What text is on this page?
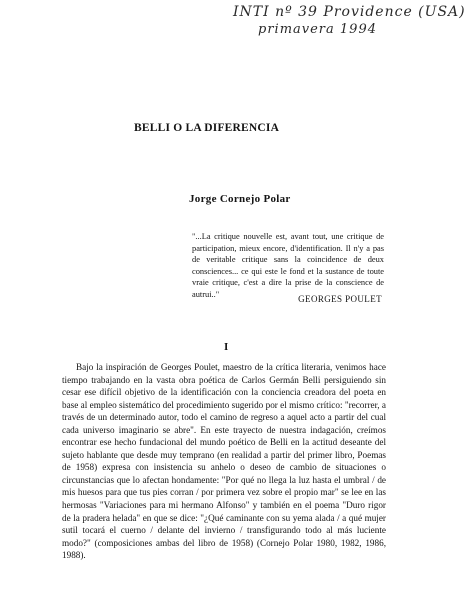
INTI nº 39 Providence (USA)
primavera 1994
BELLI O LA DIFERENCIA
Jorge Cornejo Polar
"...La critique nouvelle est, avant tout, une critique de participation, mieux encore, d'identification. Il n'y a pas de veritable critique sans la coincidence de deux consciences... ce qui este le fond et la sustance de toute vraie critique, c'est a dire la prise de la conscience de autrui.."	GEORGES POULET
I

Bajo la inspiración de Georges Poulet, maestro de la crítica literaria, venimos hace tiempo trabajando en la vasta obra poética de Carlos Germán Belli persiguiendo sin cesar ese difícil objetivo de la identificación con la conciencia creadora del poeta en base al empleo sistemático del procedimiento sugerido por el mismo crítico: "recorrer, a través de un determinado autor, todo el camino de regreso a aquel acto a partir del cual cada universo imaginario se abre". En este trayecto de nuestra indagación, creímos encontrar ese hecho fundacional del mundo poético de Belli en la actitud deseante del sujeto hablante que desde muy temprano (en realidad a partir del primer libro, Poemas de 1958) expresa con insistencia su anhelo o deseo de cambio de situaciones o circunstancias que lo afectan hondamente: "Por qué no llega la luz hasta el umbral / de mis huesos para que tus pies corran / por primera vez sobre el propio mar" se lee en las hermosas "Variaciones para mi hermano Alfonso" y también en el poema "Duro rigor de la pradera helada" en que se dice: "¿Qué caminante con su yema alada / a qué mujer sutil tocará el cuerno / delante del invierno / transfigurando todo al más luciente modo?" (composiciones ambas del libro de 1958) (Cornejo Polar 1980, 1982, 1986, 1988).
